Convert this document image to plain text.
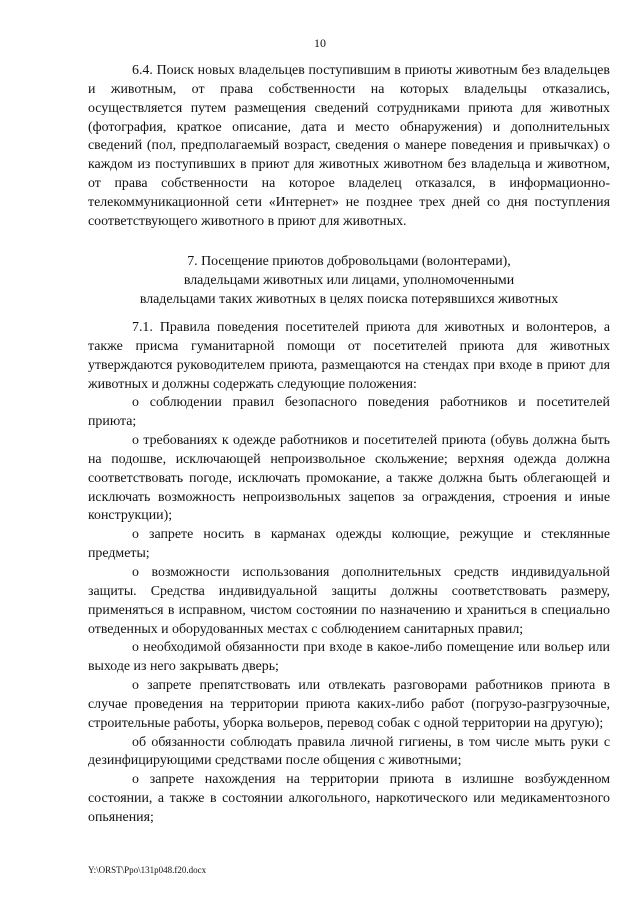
10

6.4. Поиск новых владельцев поступившим в приюты животным без владельцев и животным, от права собственности на которых владельцы отказались, осуществляется путем размещения сведений сотрудниками приюта для животных (фотография, краткое описание, дата и место обнаружения) и дополнительных сведений (пол, предполагаемый возраст, сведения о манере поведения и привычках) о каждом из поступивших в приют для животных животном без владельца и животном, от права собственности на которое владелец отказался, в информационно-телекоммуникационной сети «Интернет» не позднее трех дней со дня поступления соответствующего животного в приют для животных.

7. Посещение приютов добровольцами (волонтерами),
владельцами животных или лицами, уполномоченными
владельцами таких животных в целях поиска потерявшихся животных

7.1. Правила поведения посетителей приюта для животных и волонтеров, а также присма гуманитарной помощи от посетителей приюта для животных утверждаются руководителем приюта, размещаются на стендах при входе в приют для животных и должны содержать следующие положения:

о соблюдении правил безопасного поведения работников и посетителей приюта;

о требованиях к одежде работников и посетителей приюта (обувь должна быть на подошве, исключающей непроизвольное скольжение; верхняя одежда должна соответствовать погоде, исключать промокание, а также должна быть облегающей и исключать возможность непроизвольных зацепов за ограждения, строения и иные конструкции);

о запрете носить в карманах одежды колющие, режущие и стеклянные предметы;

о возможности использования дополнительных средств индивидуальной защиты. Средства индивидуальной защиты должны соответствовать размеру, применяться в исправном, чистом состоянии по назначению и храниться в специально отведенных и оборудованных местах с соблюдением санитарных правил;

о необходимой обязанности при входе в какое-либо помещение или вольер или выходе из него закрывать дверь;

о запрете препятствовать или отвлекать разговорами работников приюта в случае проведения на территории приюта каких-либо работ (погрузо-разгрузочные, строительные работы, уборка вольеров, перевод собак с одной территории на другую);

об обязанности соблюдать правила личной гигиены, в том числе мыть руки с дезинфицирующими средствами после общения с животными;

о запрете нахождения на территории приюта в излишне возбужденном состоянии, а также в состоянии алкогольного, наркотического или медикаментозного опьянения;

Y:\ORST\Ppo\131p048.f20.docx
